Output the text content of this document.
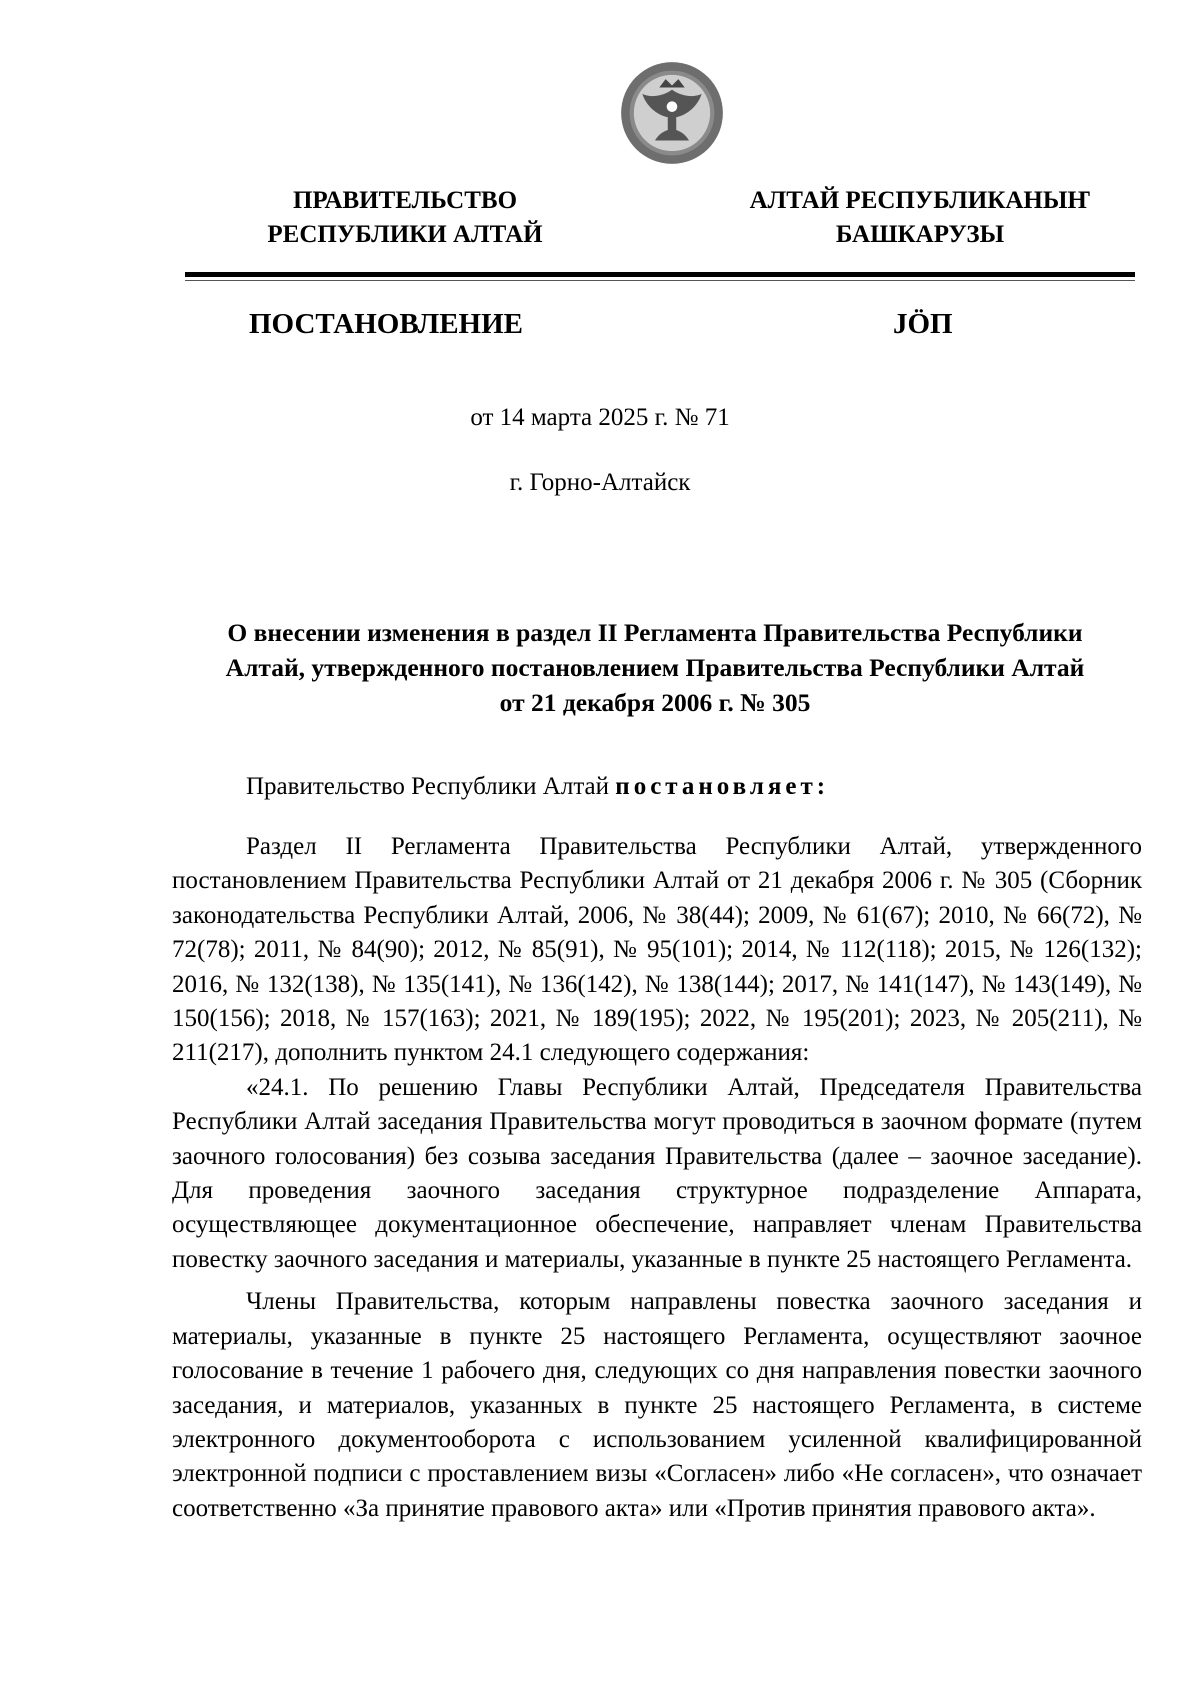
ПРАВИТЕЛЬСТВО
РЕСПУБЛИКИ АЛТАЙ
АЛТАЙ РЕСПУБЛИКАНЫҤ
БАШКАРУЗЫ
ПОСТАНОВЛЕНИЕ	JÖП
от 14 марта 2025 г. № 71
г. Горно-Алтайск
О внесении изменения в раздел II Регламента Правительства Республики
Алтай, утвержденного постановлением Правительства Республики Алтай
от 21 декабря 2006 г. № 305
Правительство Республики Алтай постановляет:

Раздел II Регламента Правительства Республики Алтай, утвержденного постановлением Правительства Республики Алтай от 21 декабря 2006 г. № 305 (Сборник законодательства Республики Алтай, 2006, № 38(44); 2009, № 61(67); 2010, № 66(72), № 72(78); 2011, № 84(90); 2012, № 85(91), № 95(101); 2014, № 112(118); 2015, № 126(132); 2016, № 132(138), № 135(141), № 136(142), № 138(144); 2017, № 141(147), № 143(149), № 150(156); 2018, № 157(163); 2021, № 189(195); 2022, № 195(201); 2023, № 205(211), № 211(217), дополнить пунктом 24.1 следующего содержания:

«24.1. По решению Главы Республики Алтай, Председателя Правительства Республики Алтай заседания Правительства могут проводиться в заочном формате (путем заочного голосования) без созыва заседания Правительства (далее – заочное заседание). Для проведения заочного заседания структурное подразделение Аппарата, осуществляющее документационное обеспечение, направляет членам Правительства повестку заочного заседания и материалы, указанные в пункте 25 настоящего Регламента.

Члены Правительства, которым направлены повестка заочного заседания и материалы, указанные в пункте 25 настоящего Регламента, осуществляют заочное голосование в течение 1 рабочего дня, следующих со дня направления повестки заочного заседания, и материалов, указанных в пункте 25 настоящего Регламента, в системе электронного документооборота с использованием усиленной квалифицированной электронной подписи с проставлением визы «Согласен» либо «Не согласен», что означает соответственно «За принятие правового акта» или «Против принятия правового акта».
